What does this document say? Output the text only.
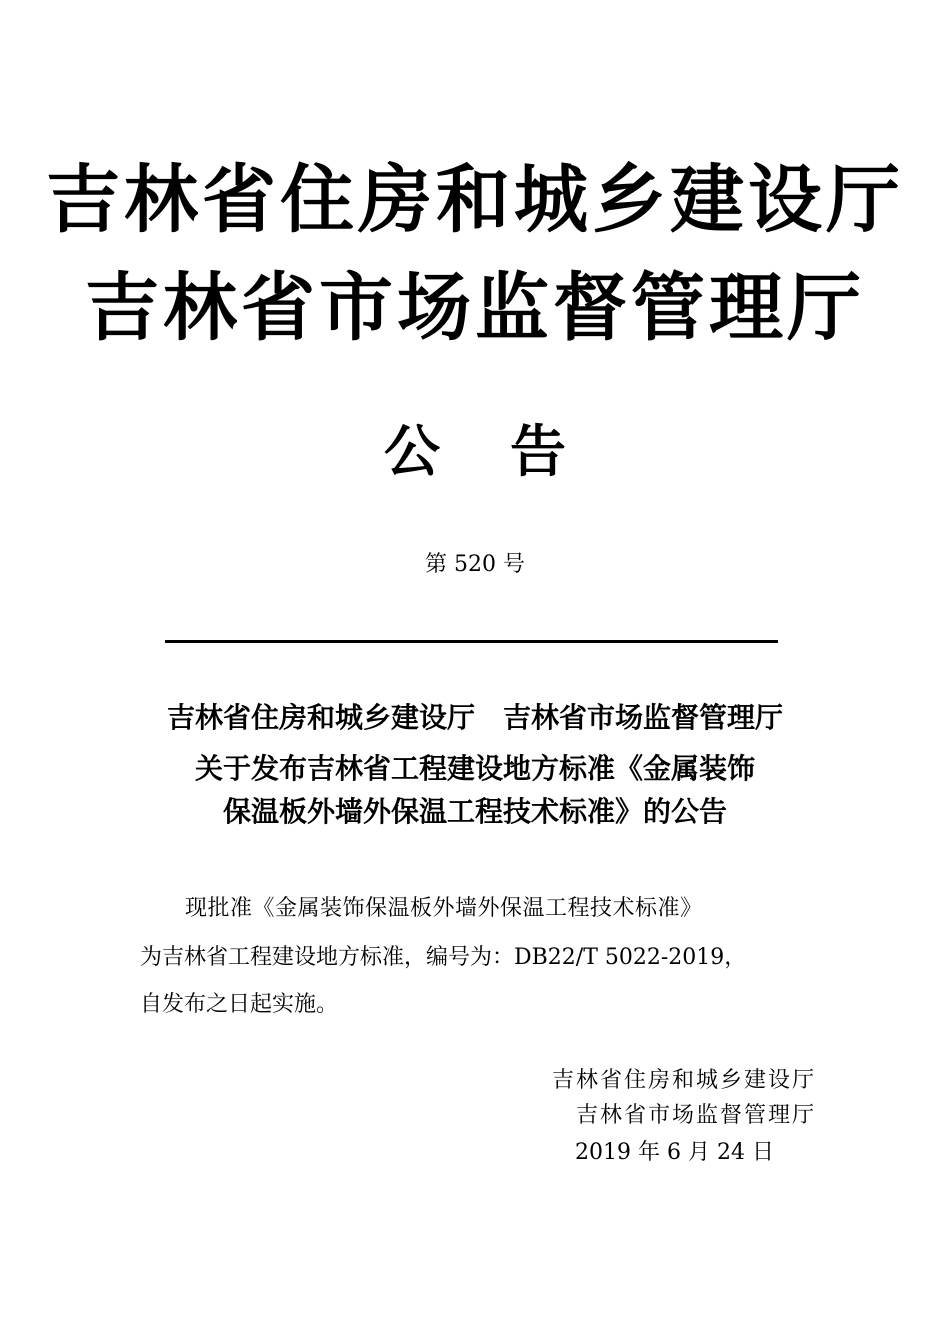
吉林省住房和城乡建设厅
吉林省市场监督管理厅
公告
第 520 号
吉林省住房和城乡建设厅　吉林省市场监督管理厅
关于发布吉林省工程建设地方标准《金属装饰
保温板外墙外保温工程技术标准》的公告
现批准《金属装饰保温板外墙外保温工程技术标准》
为吉林省工程建设地方标准，编号为：DB22/T 5022-2019，
自发布之日起实施。
吉林省住房和城乡建设厅
吉林省市场监督管理厅
2019 年 6 月 24 日
